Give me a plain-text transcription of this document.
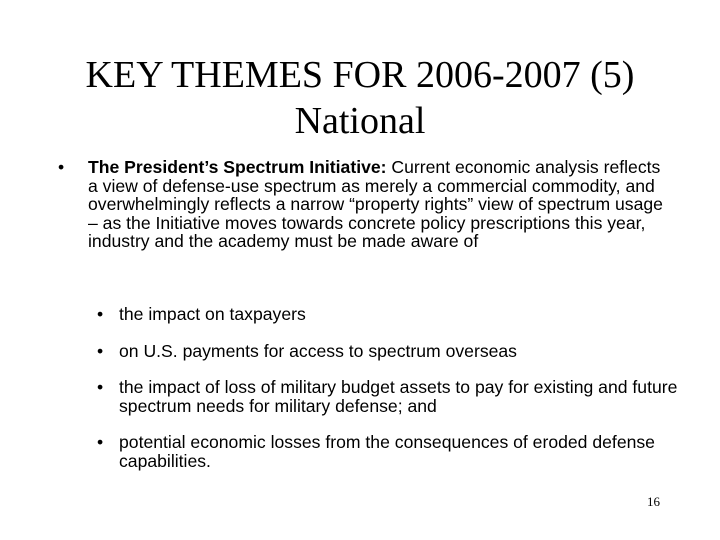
KEY THEMES FOR 2006-2007 (5)
National
• The President’s Spectrum Initiative: Current economic analysis reflects a view of defense-use spectrum as merely a commercial commodity, and overwhelmingly reflects a narrow “property rights” view of spectrum usage – as the Initiative moves towards concrete policy prescriptions this year, industry and the academy must be made aware of
• the impact on taxpayers
• on U.S. payments for access to spectrum overseas
• the impact of loss of military budget assets to pay for existing and future spectrum needs for military defense; and
• potential economic losses from the consequences of eroded defense capabilities.
16
